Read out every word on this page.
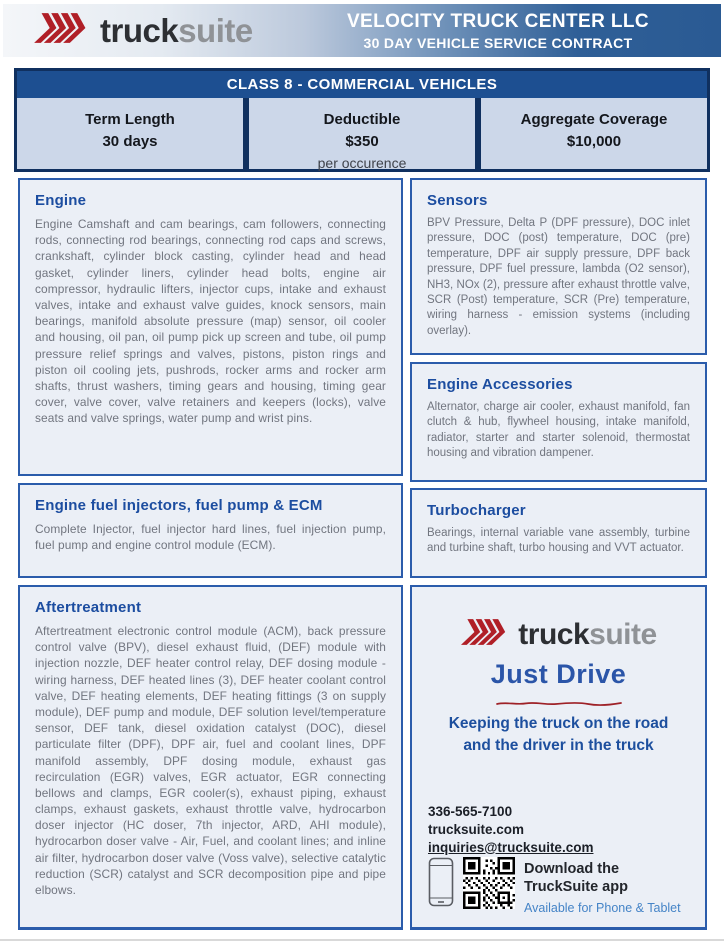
trucksuite	VELOCITY TRUCK CENTER LLC
30 DAY VEHICLE SERVICE CONTRACT
CLASS 8 - COMMERCIAL VEHICLES
Term Length
30 days
Deductible
$350
per occurence
Aggregate Coverage
$10,000
Engine
Engine Camshaft and cam bearings, cam followers, connecting rods, connecting rod bearings, connecting rod caps and screws, crankshaft, cylinder block casting, cylinder head and head gasket, cylinder liners, cylinder head bolts, engine air compressor, hydraulic lifters, injector cups, intake and exhaust valves, intake and exhaust valve guides, knock sensors, main bearings, manifold absolute pressure (map) sensor, oil cooler and housing, oil pan, oil pump pick up screen and tube, oil pump pressure relief springs and valves, pistons, piston rings and piston oil cooling jets, pushrods, rocker arms and rocker arm shafts, thrust washers, timing gears and housing, timing gear cover, valve cover, valve retainers and keepers (locks), valve seats and valve springs, water pump and wrist pins.
Engine fuel injectors, fuel pump & ECM
Complete Injector, fuel injector hard lines, fuel injection pump, fuel pump and engine control module (ECM).
Aftertreatment
Aftertreatment electronic control module (ACM), back pressure control valve (BPV), diesel exhaust fluid, (DEF) module with injection nozzle, DEF heater control relay, DEF dosing module - wiring harness, DEF heated lines (3), DEF heater coolant control valve, DEF heating elements, DEF heating fittings (3 on supply module), DEF pump and module, DEF solution level/temperature sensor, DEF tank, diesel oxidation catalyst (DOC), diesel particulate filter (DPF), DPF air, fuel and coolant lines, DPF manifold assembly, DPF dosing module, exhaust gas recirculation (EGR) valves, EGR actuator, EGR connecting bellows and clamps, EGR cooler(s), exhaust piping, exhaust clamps, exhaust gaskets, exhaust throttle valve, hydrocarbon doser injector (HC doser, 7th injector, ARD, AHI module), hydrocarbon doser valve - Air, Fuel, and coolant lines; and inline air filter, hydrocarbon doser valve (Voss valve), selective catalytic reduction (SCR) catalyst and SCR decomposition pipe and pipe elbows.
Sensors
BPV Pressure, Delta P (DPF pressure), DOC inlet pressure, DOC (post) temperature, DOC (pre) temperature, DPF air supply pressure, DPF back pressure, DPF fuel pressure, lambda (O2 sensor), NH3, NOx (2), pressure after exhaust throttle valve, SCR (Post) temperature, SCR (Pre) temperature, wiring harness - emission systems (including overlay).
Engine Accessories
Alternator, charge air cooler, exhaust manifold, fan clutch & hub, flywheel housing, intake manifold, radiator, starter and starter solenoid, thermostat housing and vibration dampener.
Turbocharger
Bearings, internal variable vane assembly, turbine and turbine shaft, turbo housing and VVT actuator.
trucksuite
Just Drive
Keeping the truck on the road
and the driver in the truck
336-565-7100
trucksuite.com
inquiries@trucksuite.com
Download the
TruckSuite app
Available for Phone & Tablet
